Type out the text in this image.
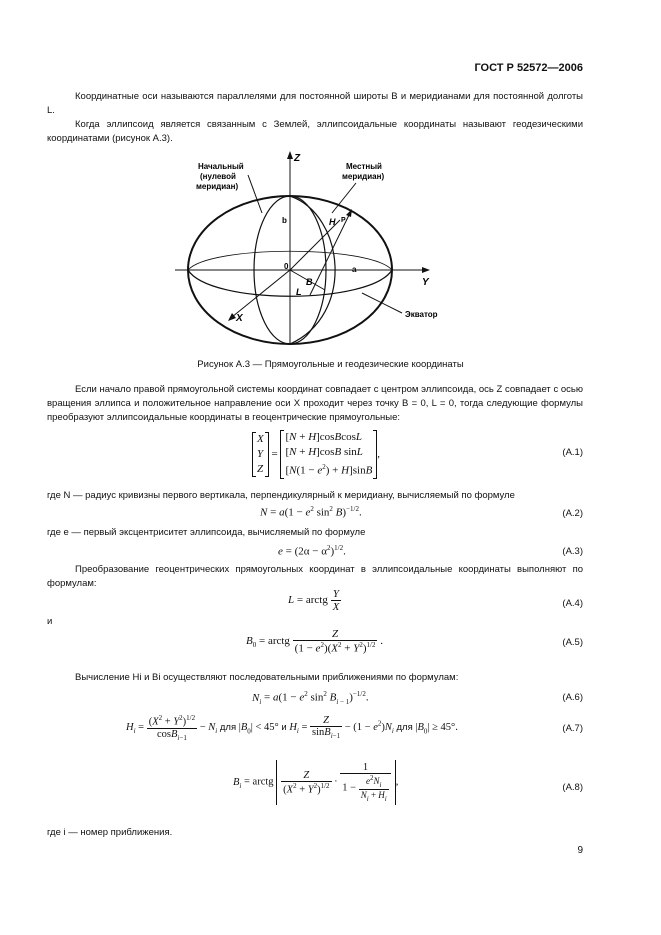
ГОСТ Р 52572—2006
Координатные оси называются параллелями для постоянной широты B и меридианами для постоянной долготы L.
Когда эллипсоид является связанным с Землей, эллипсоидальные координаты называют геодезическими координатами (рисунок А.3).
Z
Y
X
b
a
0
B
L
H P
Начальный
(нулевой
меридиан)
Местный
меридиан)
Экватор
Рисунок А.3 — Прямоугольные и геодезические координаты
Если начало правой прямоугольной системы координат совпадает с центром эллипсоида, ось Z совпадает с осью вращения эллипса и положительное направление оси X проходит через точку B = 0, L = 0, тогда следующие формулы преобразуют эллипсоидальные координаты в геоцентрические прямоугольные:
X
Y
Z
=
[N + H]cosBcosL
[N + H]cosB sinL
$[N(1 - e^2) + H]\sin B$
,	(A.1)
где N — радиус кривизны первого вертикала, перпендикулярный к меридиану, вычисляемый по формуле
$N = a(1 - e^2$ $\sin^2 B)^{-1/2}$.	(A.2)
где e — первый эксцентриситет эллипсоида, вычисляемый по формуле
$e = (2\alpha - \alpha^2)^{1/2}$.	(A.3)
Преобразование геоцентрических прямоугольных координат в эллипсоидальные координаты выполняют по формулам:
L = arctg $\frac{Y}{X}$	(A.4)
и
$B_0$ = arctg $\frac{Z}{(1 - e^2)(X^2 + Y^2)^{1/2}}$ .	(A.5)
Вычисление Hi и Bi осуществляют последовательными приближениями по формулам:
$N_i = a(1 - e^2$ $\sin^2 B_{i - 1})^{-1/2}$.	(A.6)
$H_i = \frac{(X^2 + Y^2)^{1/2}}{\cos B_{i-1}} - N_i$ для $|B_0| < 45^\circ$ и $H_i = \frac{Z}{\sin B_{i-1}} - (1 - e^2)N_i$ для $|B_0| \ge 45^\circ$.	(A.7)
$B_i$ = arctg $\frac{Z}{(X^2 + Y^2)^{1/2}} \cdot \frac{1}{1 - \frac{e^2N_i}{N_i + H_i}}$ ,	(A.8)
где i — номер приближения.
9
